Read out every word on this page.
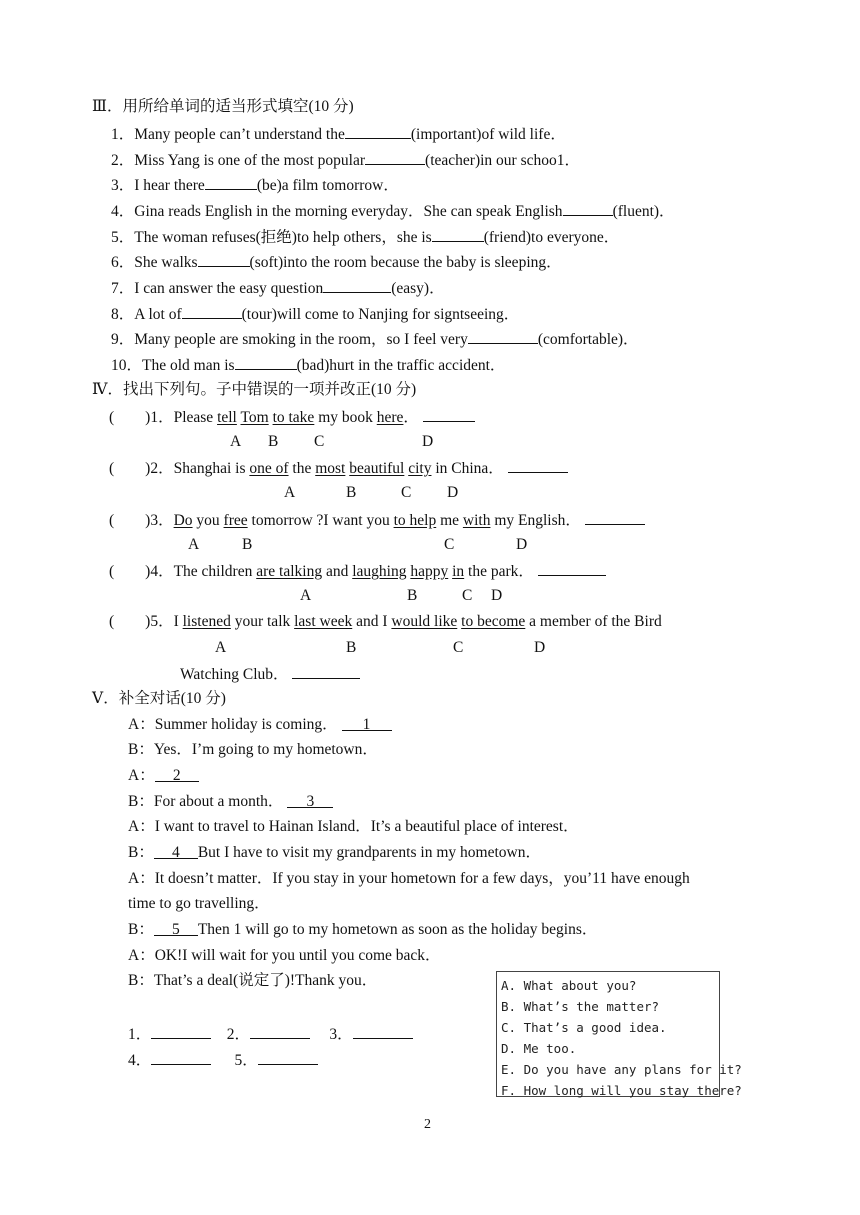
Ⅲ．用所给单词的适当形式填空(10 分)
1．Many people can’t understand the	(important)of wild life．
2．Miss Yang is one of the most popular	(teacher)in our schoo1．
3．I hear there	(be)a film tomorrow．
4．Gina reads English in the morning everyday．She can speak English	(fluent)．
5．The woman refuses(拒绝)to help others，she is	(friend)to everyone．
6．She walks	(soft)into the room because the baby is sleeping．
7．I can answer the easy question	(easy)．
8．A lot of	(tour)will come to Nanjing for signtseeing．
9．Many people are smoking in the room，so I feel very	(comfortable)．
10．The old man is	(bad)hurt in the traffic accident．
Ⅳ．找出下列句。子中错误的一项并改正(10 分)
(        )1．Please tell Tom to take my book here．
A B C	D
(        )2．Shanghai is one of the most beautiful city in China．
A	B	C D
(        )3．Do you free tomorrow ?I want you to help me with my English．
A	B	C	D
(        )4．The children are talking and laughing happy in the park．
A	B	C D
(        )5．I listened your talk last week and I would like to become a member of the Bird
A	B	C	D
Watching Club．
Ⅴ．补全对话(10 分)
A：Summer holiday is coming． 1
B：Yes．I’m going to my hometown．
A： 2
B：For about a month． 3
A：I want to travel to Hainan Island．It’s a beautiful place of interest．
B： 4 But I have to visit my grandparents in my hometown．
A：It doesn’t matter．If you stay in your hometown for a few days，you’11 have enough
time to go travelling．
B： 5 Then 1 will go to my hometown as soon as the holiday begins．
A：OK!I will wait for you until you come back．
B：That’s a deal(说定了)!Thank you．
1．	2．	3．
4．	5．
A. What about you?
B. What’s the matter?
C. That’s a good idea.
D. Me too.
E. Do you have any plans for it?
F. How long will you stay there?
2
